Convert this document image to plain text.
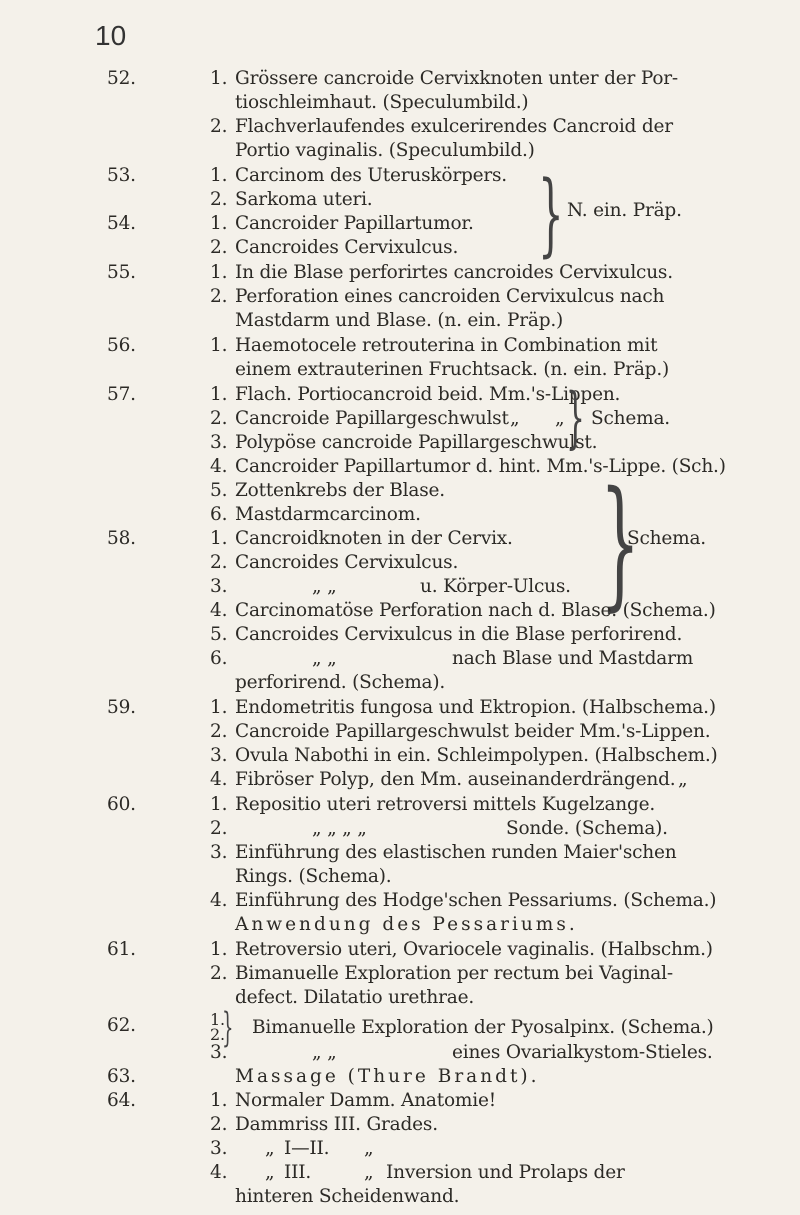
10
52.	1. Grössere cancroide Cervixknoten unter der Por-
tioschleimhaut. (Speculumbild.)
2. Flachverlaufendes exulcerirendes Cancroid der
Portio vaginalis. (Speculumbild.)
53.	1. Carcinom des Uteruskörpers.
2. Sarkoma uteri.
54.	1. Cancroider Papillartumor.
2. Cancroides Cervixulcus. } N. ein. Präp.
55.	1. In die Blase perforirtes cancroides Cervixulcus.
2. Perforation eines cancroiden Cervixulcus nach
Mastdarm und Blase. (n. ein. Präp.)
56.	1. Haemotocele retrouterina in Combination mit
einem extrauterinen Fruchtsack. (n. ein. Präp.)
57.	1. Flach. Portiocancroid beid. Mm.'s-Lippen.
2. Cancroide Papillargeschwulst „ „
3. Polypöse cancroide Papillargeschwulst.
} Schema.
4. Cancroider Papillartumor d. hint. Mm.'s-Lippe. (Sch.)
5. Zottenkrebs der Blase.
6. Mastdarmcarcinom.
58.	1. Cancroidknoten in der Cervix. }
Schema.
2. Cancroides Cervixulcus.
3.	„ „	u. Körper-Ulcus.
4. Carcinomatöse Perforation nach d. Blase. (Schema.)
5. Cancroides Cervixulcus in die Blase perforirend.
6.	„ „	nach Blase und Mastdarm
perforirend. (Schema).
59.	1. Endometritis fungosa und Ektropion. (Halbschema.)
2. Cancroide Papillargeschwulst beider Mm.'s-Lippen.
3. Ovula Nabothi in ein. Schleimpolypen. (Halbschem.)
4. Fibröser Polyp, den Mm. auseinanderdrängend. „
60.	1. Repositio uteri retroversi mittels Kugelzange.
2.	„ „ „ „	Sonde. (Schema).
3. Einführung des elastischen runden Maier'schen
Rings. (Schema).
4. Einführung des Hodge'schen Pessariums. (Schema.)
Anwendung des Pessariums.
61.	1. Retroversio uteri, Ovariocele vaginalis. (Halbschm.)
2. Bimanuelle Exploration per rectum bei Vaginal-
defect. Dilatatio urethrae.
62.	1.
2.
} Bimanuelle Exploration der Pyosalpinx. (Schema.)
3.	„ „	eines Ovarialkystom-Stieles.
63.	Massage (Thure Brandt).
64.	1. Normaler Damm. Anatomie!
2. Dammriss III. Grades.
3. „ I—II. „
4. „ III.	„ Inversion und Prolaps der
hinteren Scheidenwand.
